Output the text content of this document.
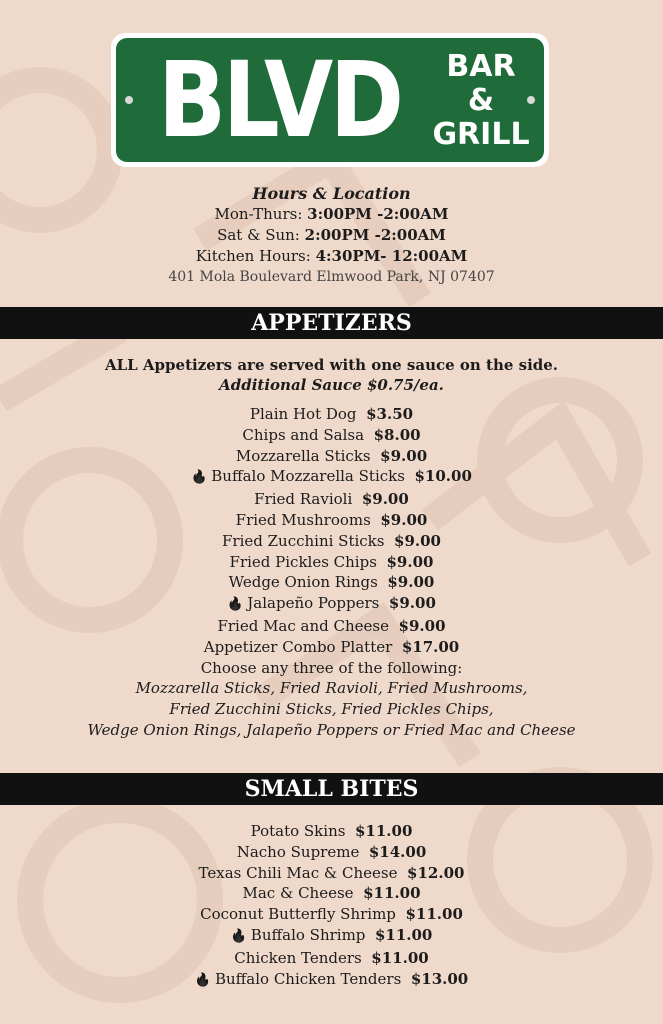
BLVD	BAR
&
GRILL
Hours & Location
Mon-Thurs: 3:00PM -2:00AM
Sat & Sun: 2:00PM -2:00AM
Kitchen Hours: 4:30PM- 12:00AM
401 Mola Boulevard Elmwood Park, NJ 07407
APPETIZERS
ALL Appetizers are served with one sauce on the side.
Additional Sauce $0.75/ea.
Plain Hot Dog $3.50
Chips and Salsa $8.00
Mozzarella Sticks $9.00
🔥 Buffalo Mozzarella Sticks $10.00
Fried Ravioli $9.00
Fried Mushrooms $9.00
Fried Zucchini Sticks $9.00
Fried Pickles Chips $9.00
Wedge Onion Rings $9.00
🔥 Jalapeño Poppers $9.00
Fried Mac and Cheese $9.00
Appetizer Combo Platter $17.00
Choose any three of the following:
Mozzarella Sticks, Fried Ravioli, Fried Mushrooms,
Fried Zucchini Sticks, Fried Pickles Chips,
Wedge Onion Rings, Jalapeño Poppers or Fried Mac and Cheese
SMALL BITES
Potato Skins $11.00
Nacho Supreme $14.00
Texas Chili Mac & Cheese $12.00
Mac & Cheese $11.00
Coconut Butterfly Shrimp $11.00
🔥 Buffalo Shrimp $11.00
Chicken Tenders $11.00
🔥 Buffalo Chicken Tenders $13.00
